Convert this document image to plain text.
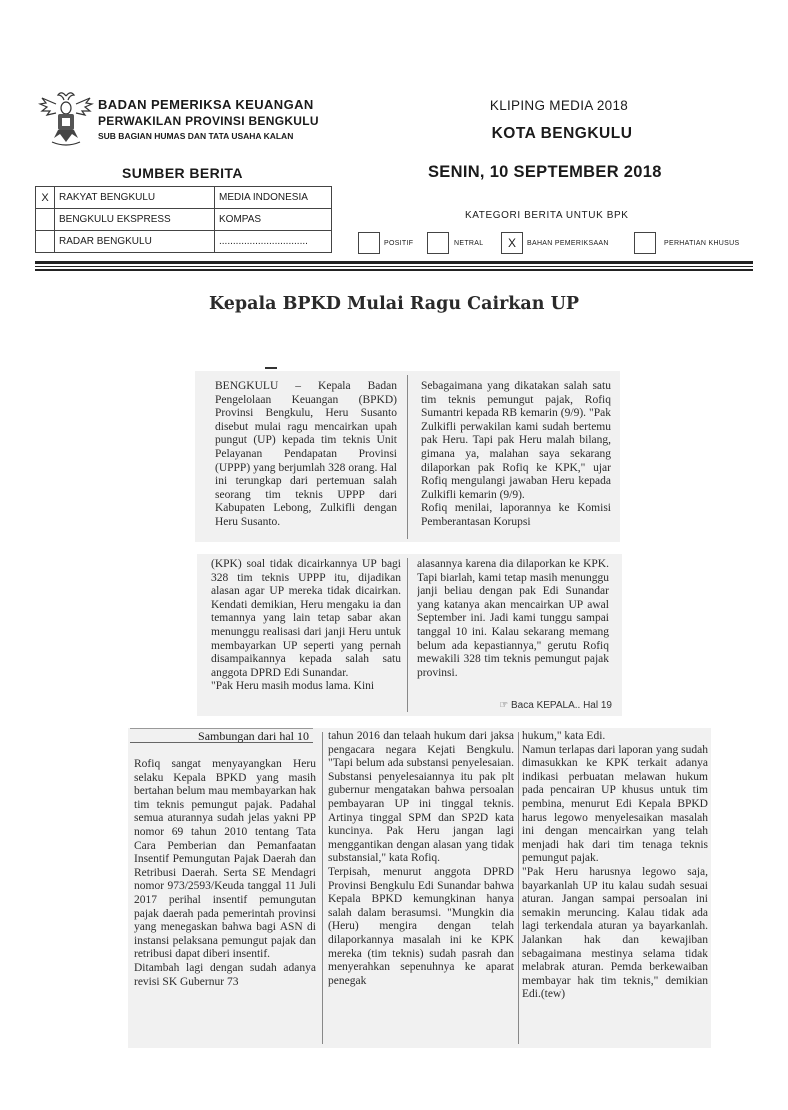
BADAN PEMERIKSA KEUANGAN
PERWAKILAN PROVINSI BENGKULU
SUB BAGIAN HUMAS DAN TATA USAHA KALAN
KLIPING MEDIA 2018
KOTA BENGKULU
SUMBER BERITA	SENIN, 10 SEPTEMBER 2018
X	RAKYAT BENGKULU	MEDIA INDONESIA
	BENGKULU EKSPRESS	KOMPAS
	RADAR BENGKULU	................................
KATEGORI BERITA UNTUK BPK
POSITIF	NETRAL	X	BAHAN PEMERIKSAAN	PERHATIAN KHUSUS
Kepala BPKD Mulai Ragu Cairkan UP
BENGKULU – Kepala Badan Pengelolaan Keuangan (BPKD) Provinsi Bengkulu, Heru Susanto disebut mulai ragu mencairkan upah pungut (UP) kepada tim teknis Unit Pelayanan Pendapatan Provinsi (UPPP) yang berjumlah 328 orang. Hal ini terungkap dari pertemuan salah seorang tim teknis UPPP dari Kabupaten Lebong, Zulkifli dengan Heru Susanto.
Sebagaimana yang dikatakan salah satu tim teknis pemungut pajak, Rofiq Sumantri kepada RB kemarin (9/9). "Pak Zulkifli perwakilan kami sudah bertemu pak Heru. Tapi pak Heru malah bilang, gimana ya, malahan saya sekarang dilaporkan pak Rofiq ke KPK," ujar Rofiq mengulangi jawaban Heru kepada Zulkifli kemarin (9/9).
Rofiq menilai, laporannya ke Komisi Pemberantasan Korupsi
(KPK) soal tidak dicairkannya UP bagi 328 tim teknis UPPP itu, dijadikan alasan agar UP mereka tidak dicairkan. Kendati demikian, Heru mengaku ia dan temannya yang lain tetap sabar akan menunggu realisasi dari janji Heru untuk membayarkan UP seperti yang pernah disampaikannya kepada salah satu anggota DPRD Edi Sunandar.
"Pak Heru masih modus lama. Kini
alasannya karena dia dilaporkan ke KPK. Tapi biarlah, kami tetap masih menunggu janji beliau dengan pak Edi Sunandar yang katanya akan mencairkan UP awal September ini. Jadi kami tunggu sampai tanggal 10 ini. Kalau sekarang memang belum ada kepastiannya," gerutu Rofiq mewakili 328 tim teknis pemungut pajak provinsi.
☞ Baca KEPALA.. Hal 19
Sambungan dari hal 10
Rofiq sangat menyayangkan Heru selaku Kepala BPKD yang masih bertahan belum mau membayarkan hak tim teknis pemungut pajak. Padahal semua aturannya sudah jelas yakni PP nomor 69 tahun 2010 tentang Tata Cara Pemberian dan Pemanfaatan Insentif Pemungutan Pajak Daerah dan Retribusi Daerah. Serta SE Mendagri nomor 973/2593/Keuda tanggal 11 Juli 2017 perihal insentif pemungutan pajak daerah pada pemerintah provinsi yang menegaskan bahwa bagi ASN di instansi pelaksana pemungut pajak dan retribusi dapat diberi insentif.
Ditambah lagi dengan sudah adanya revisi SK Gubernur 73
tahun 2016 dan telaah hukum dari jaksa pengacara negara Kejati Bengkulu. "Tapi belum ada substansi penyelesaian. Substansi penyelesaiannya itu pak plt gubernur mengatakan bahwa persoalan pembayaran UP ini tinggal teknis. Artinya tinggal SPM dan SP2D kata kuncinya. Pak Heru jangan lagi menggantikan dengan alasan yang tidak substansial," kata Rofiq.
Terpisah, menurut anggota DPRD Provinsi Bengkulu Edi Sunandar bahwa Kepala BPKD kemungkinan hanya salah dalam berasumsi. "Mungkin dia (Heru) mengira dengan telah dilaporkannya masalah ini ke KPK mereka (tim teknis) sudah pasrah dan menyerahkan sepenuhnya ke aparat penegak
hukum," kata Edi.
Namun terlapas dari laporan yang sudah dimasukkan ke KPK terkait adanya indikasi perbuatan melawan hukum pada pencairan UP khusus untuk tim pembina, menurut Edi Kepala BPKD harus legowo menyelesaikan masalah ini dengan mencairkan yang telah menjadi hak dari tim tenaga teknis pemungut pajak.
"Pak Heru harusnya legowo saja, bayarkanlah UP itu kalau sudah sesuai aturan. Jangan sampai persoalan ini semakin meruncing. Kalau tidak ada lagi terkendala aturan ya bayarkanlah. Jalankan hak dan kewajiban sebagaimana mestinya selama tidak melabrak aturan. Pemda berkewaiban membayar hak tim teknis," demikian Edi.(tew)
